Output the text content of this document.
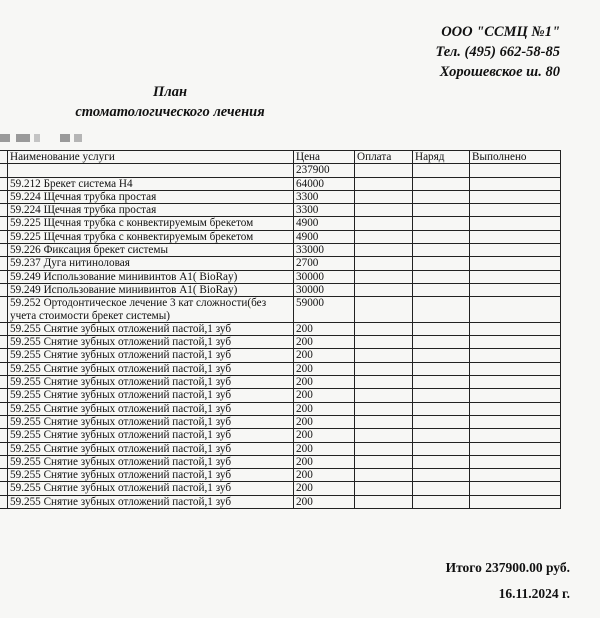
ООО "ССМЦ №1"
Тел. (495) 662-58-85
Хорошевское ш. 80
План
стоматологического лечения
	Наименование услуги	Цена	Оплата	Наряд	Выполнено
		237900			
	59.212 Брекет система Н4	64000			
	59.224 Щечная трубка простая	3300			
	59.224 Щечная трубка простая	3300			
	59.225 Щечная трубка с конвектируемым брекетом	4900			
	59.225 Щечная трубка с конвектируемым брекетом	4900			
	59.226 Фиксация брекет системы	33000			
	59.237 Дуга нитиноловая	2700			
	59.249 Использование минивинтов А1( BioRay)	30000			
	59.249 Использование минивинтов А1( BioRay)	30000			
	59.252 Ортодонтическое лечение 3 кат сложности(без учета стоимости брекет системы)	59000			
	59.255 Снятие зубных отложений пастой,1 зуб	200			
	59.255 Снятие зубных отложений пастой,1 зуб	200			
	59.255 Снятие зубных отложений пастой,1 зуб	200			
	59.255 Снятие зубных отложений пастой,1 зуб	200			
	59.255 Снятие зубных отложений пастой,1 зуб	200			
	59.255 Снятие зубных отложений пастой,1 зуб	200			
	59.255 Снятие зубных отложений пастой,1 зуб	200			
	59.255 Снятие зубных отложений пастой,1 зуб	200			
	59.255 Снятие зубных отложений пастой,1 зуб	200			
	59.255 Снятие зубных отложений пастой,1 зуб	200			
	59.255 Снятие зубных отложений пастой,1 зуб	200			
	59.255 Снятие зубных отложений пастой,1 зуб	200			
	59.255 Снятие зубных отложений пастой,1 зуб	200			
	59.255 Снятие зубных отложений пастой,1 зуб	200			
Итого 237900.00 руб.
16.11.2024 г.
